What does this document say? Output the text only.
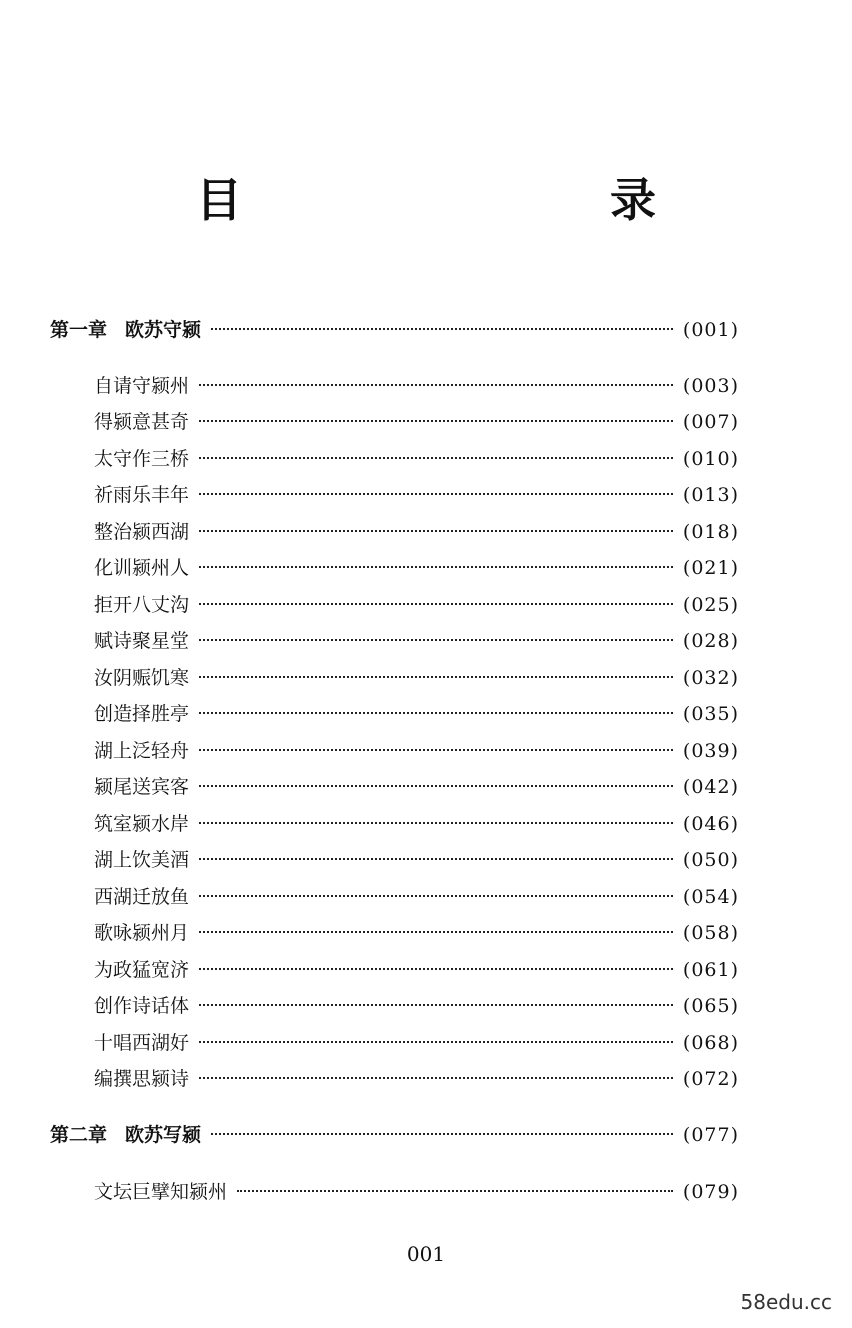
目　　录
第一章 欧苏守颍	(001)
自请守颍州	(003)
得颍意甚奇	(007)
太守作三桥	(010)
祈雨乐丰年	(013)
整治颍西湖	(018)
化训颍州人	(021)
拒开八丈沟	(025)
赋诗聚星堂	(028)
汝阴赈饥寒	(032)
创造择胜亭	(035)
湖上泛轻舟	(039)
颍尾送宾客	(042)
筑室颍水岸	(046)
湖上饮美酒	(050)
西湖迁放鱼	(054)
歌咏颍州月	(058)
为政猛宽济	(061)
创作诗话体	(065)
十唱西湖好	(068)
编撰思颍诗	(072)
第二章 欧苏写颍	(077)
文坛巨擘知颍州	(079)
001
58edu.cc
